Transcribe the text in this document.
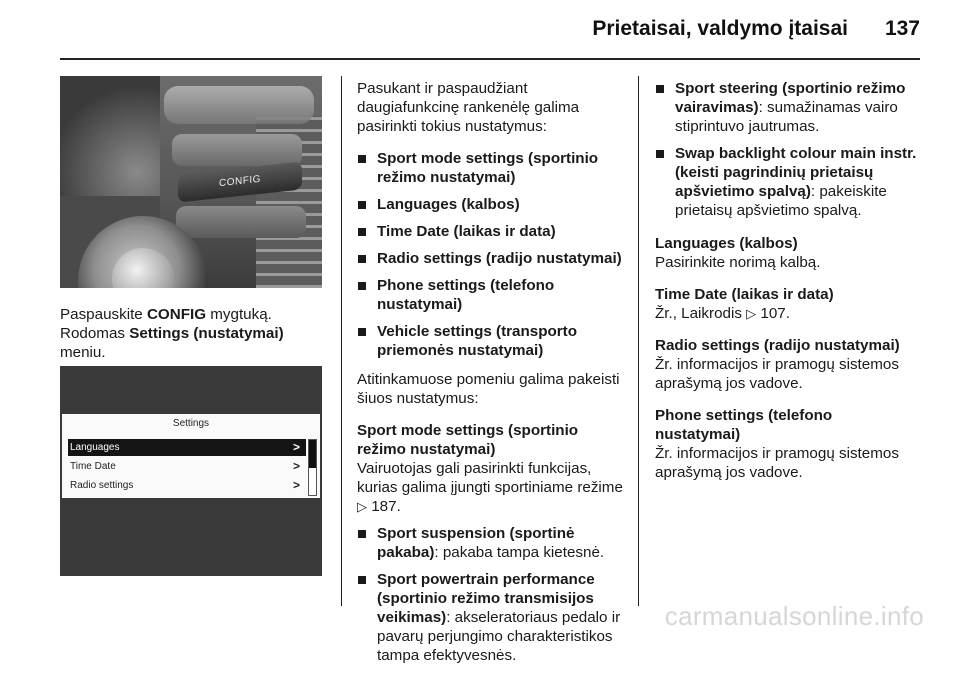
Prietaisai, valdymo įtaisai 137
CONFIG

Paspauskite CONFIG mygtuką.
Rodomas Settings (nustatymai)
meniu.

Settings
Languages	>
Time Date	>
Radio settings	>

Pasukant ir paspaudžiant daugiafunkcinę rankenėlę galima pasirinkti tokius nustatymus:

Sport mode settings (sportinio režimo nustatymai)
Languages (kalbos)
Time Date (laikas ir data)
Radio settings (radijo nustatymai)
Phone settings (telefono nustatymai)
Vehicle settings (transporto priemonės nustatymai)

Atitinkamuose pomeniu galima pakeisti šiuos nustatymus:

Sport mode settings (sportinio režimo nustatymai)
Vairuotojas gali pasirinkti funkcijas, kurias galima įjungti sportiniame režime ▷ 187.

Sport suspension (sportinė pakaba): pakaba tampa kietesnė.
Sport powertrain performance (sportinio režimo transmisijos veikimas): akseleratoriaus pedalo ir pavarų perjungimo charakteristikos tampa efektyvesnės.
Sport steering (sportinio režimo vairavimas): sumažinamas vairo stiprintuvo jautrumas.
Swap backlight colour main instr. (keisti pagrindinių prietaisų apšvietimo spalvą): pakeiskite prietaisų apšvietimo spalvą.

Languages (kalbos)
Pasirinkite norimą kalbą.

Time Date (laikas ir data)
Žr., Laikrodis ▷ 107.

Radio settings (radijo nustatymai)
Žr. informacijos ir pramogų sistemos aprašymą jos vadove.

Phone settings (telefono nustatymai)
Žr. informacijos ir pramogų sistemos aprašymą jos vadove.

carmanualsonline.info
